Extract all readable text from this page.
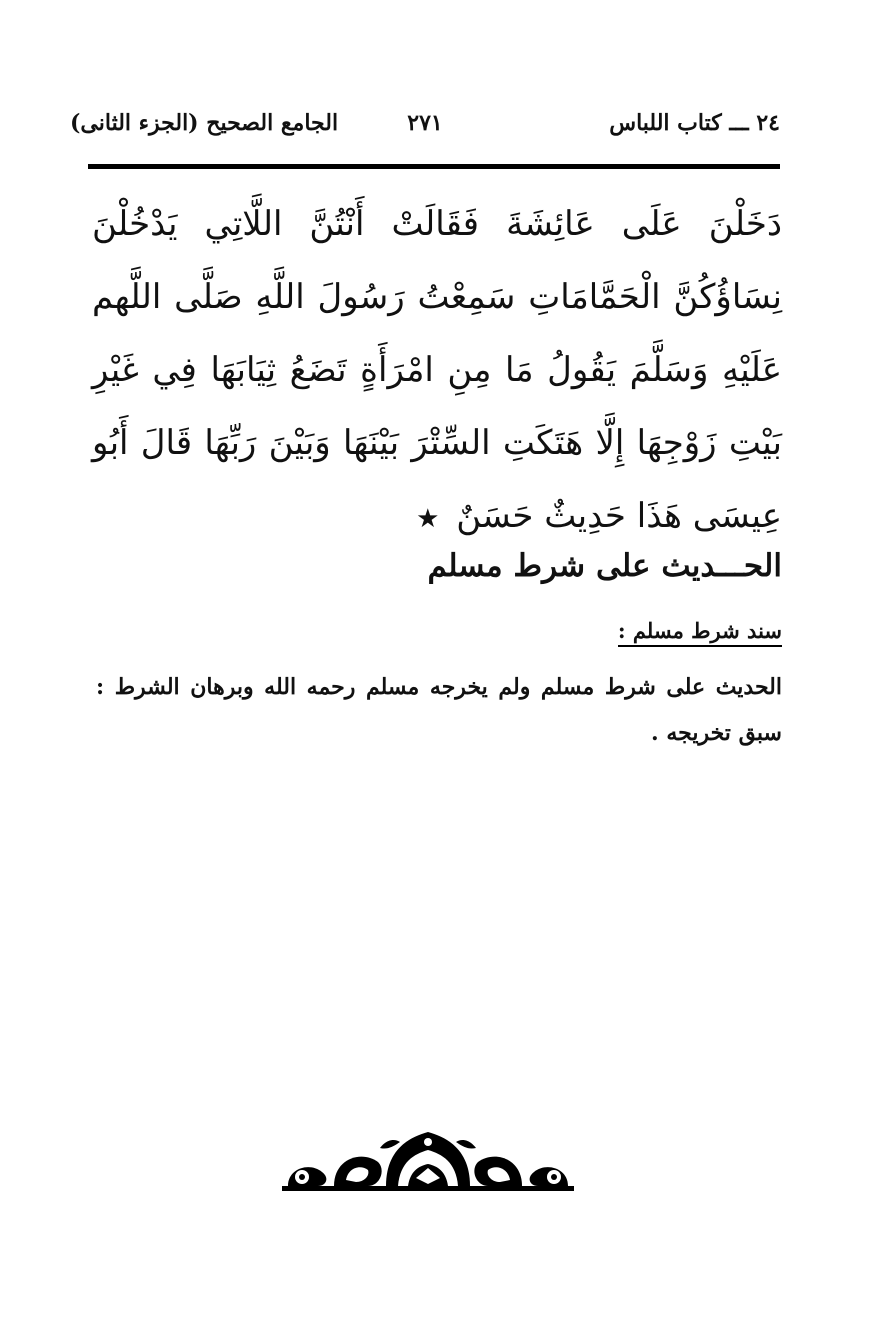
٢٤ ـــ كتاب اللباس
٢٧١
الجامع الصحيح (الجزء الثانى)

دَخَلْنَ عَلَى عَائِشَةَ فَقَالَتْ أَنْتُنَّ اللَّاتِي يَدْخُلْنَ نِسَاؤُكُنَّ الْحَمَّامَاتِ سَمِعْتُ رَسُولَ اللَّهِ صَلَّى اللَّهم عَلَيْهِ وَسَلَّمَ يَقُولُ مَا مِنِ امْرَأَةٍ تَضَعُ ثِيَابَهَا فِي غَيْرِ بَيْتِ زَوْجِهَا إِلَّا هَتَكَتِ السِّتْرَ بَيْنَهَا وَبَيْنَ رَبِّهَا قَالَ أَبُو عِيسَى هَذَا حَدِيثٌ حَسَنٌ ★

الحـــديث على شرط مسلم
سند شرط مسلم :

الحديث على شرط مسلم ولم يخرجه مسلم رحمه الله وبرهان الشرط : سبق تخريجه .
